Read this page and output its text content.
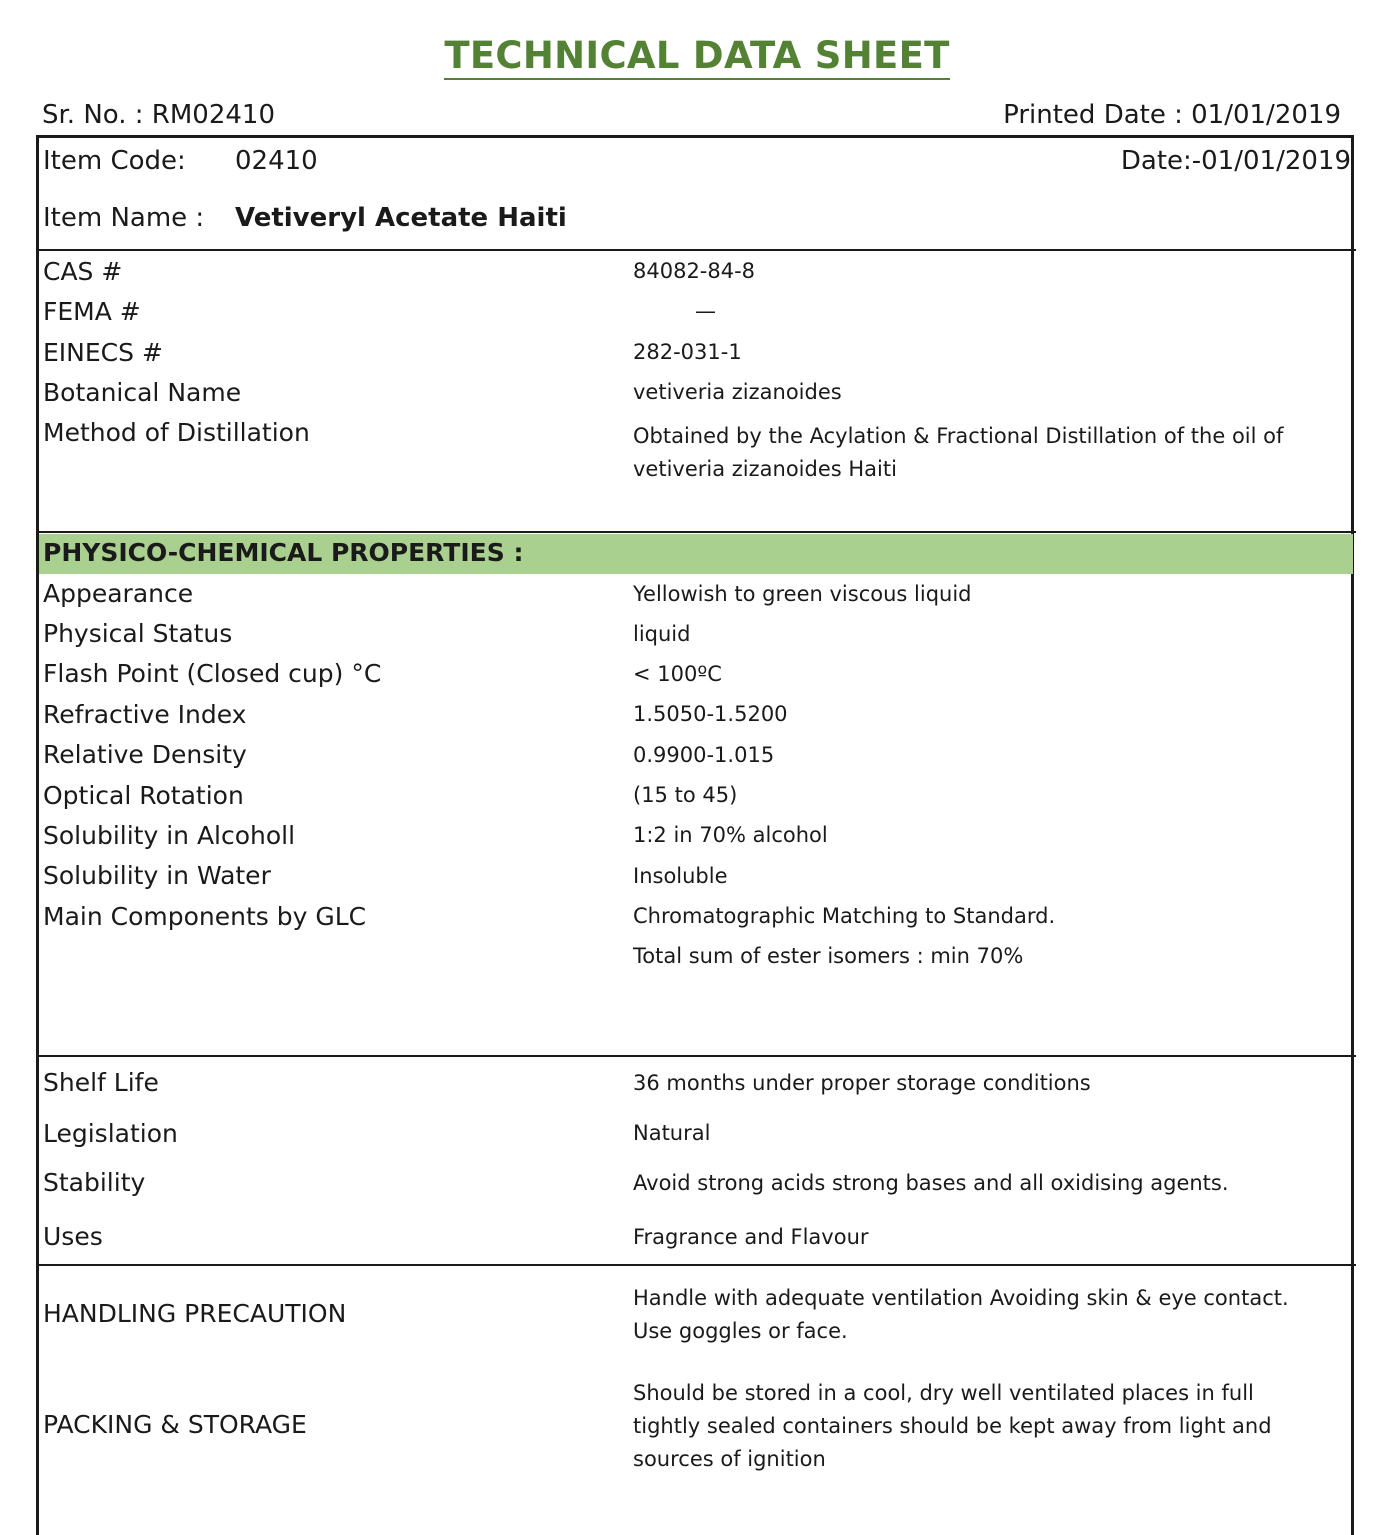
TECHNICAL DATA SHEET
Sr. No. : RM02410	Printed Date : 01/01/2019
Item Code: 02410	Date:-01/01/2019
Item Name : Vetiveryl Acetate Haiti
CAS #	84082-84-8
FEMA #	—
EINECS #	282-031-1
Botanical Name	vetiveria zizanoides
Method of Distillation	Obtained by the Acylation & Fractional Distillation of the oil of vetiveria zizanoides Haiti
PHYSICO-CHEMICAL PROPERTIES :
Appearance	Yellowish to green viscous liquid
Physical Status	liquid
Flash Point (Closed cup) °C	< 100ºC
Refractive Index	1.5050-1.5200
Relative Density	0.9900-1.015
Optical Rotation	(15 to 45)
Solubility in Alcoholl	1:2 in 70% alcohol
Solubility in Water	Insoluble
Main Components by GLC	Chromatographic Matching to Standard.
Total sum of ester isomers : min 70%
Shelf Life	36 months under proper storage conditions
Legislation	Natural
Stability	Avoid strong acids strong bases and all oxidising agents.
Uses	Fragrance and Flavour
HANDLING PRECAUTION
Handle with adequate ventilation Avoiding skin & eye contact. Use goggles or face.
PACKING & STORAGE
Should be stored in a cool, dry well ventilated places in full tightly sealed containers should be kept away from light and sources of ignition
